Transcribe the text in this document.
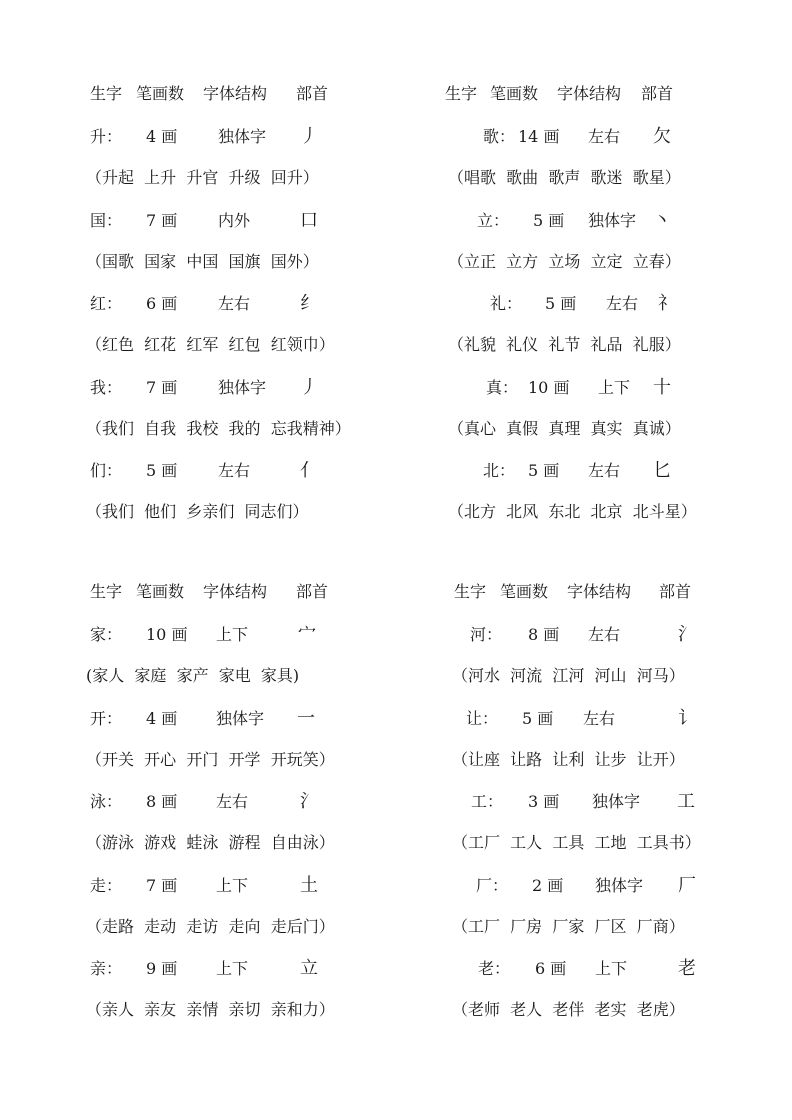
生字 笔画数 字体结构 部首
升： 4 画	独体字 丿
（升起  上升  升官  升级  回升）
国： 7 画	内外	口
（国歌  国家  中国  国旗  国外）
红： 6 画	左右	纟
（红色  红花  红军  红包  红领巾）
我： 7 画	独体字 丿
（我们  自我  我校  我的  忘我精神）
们： 5 画	左右	亻
（我们  他们  乡亲们  同志们）
生字 笔画数 字体结构 部首
歌： 14 画 左右 欠
（唱歌  歌曲  歌声  歌迷  歌星）
立： 5 画 独体字 丶
（立正  立方  立场  立定  立春）
礼： 5 画 左右 礻
（礼貌  礼仪  礼节  礼品  礼服）
真： 10 画 上下 十
（真心  真假  真理  真实  真诚）
北： 5 画 左右 匕
（北方  北风  东北  北京  北斗星）
生字 笔画数 字体结构 部首
家： 10 画 上下	宀
(家人  家庭  家产  家电  家具)
开： 4 画 独体字 一
（开关  开心  开门  开学  开玩笑）
泳： 8 画 左右	氵
（游泳  游戏  蛙泳  游程  自由泳）
走： 7 画 上下	土
（走路  走动  走访  走向  走后门）
亲： 9 画 上下	立
（亲人  亲友  亲情  亲切  亲和力）
生字 笔画数 字体结构 部首
河： 8 画 左右	氵
（河水  河流  江河  河山  河马）
让： 5 画 左右	讠
（让座  让路  让利  让步  让开）
工： 3 画 独体字 工
（工厂  工人  工具  工地  工具书）
厂： 2 画 独体字 厂
（工厂  厂房  厂家  厂区  厂商）
老： 6 画 上下	老
（老师  老人  老伴  老实  老虎）
